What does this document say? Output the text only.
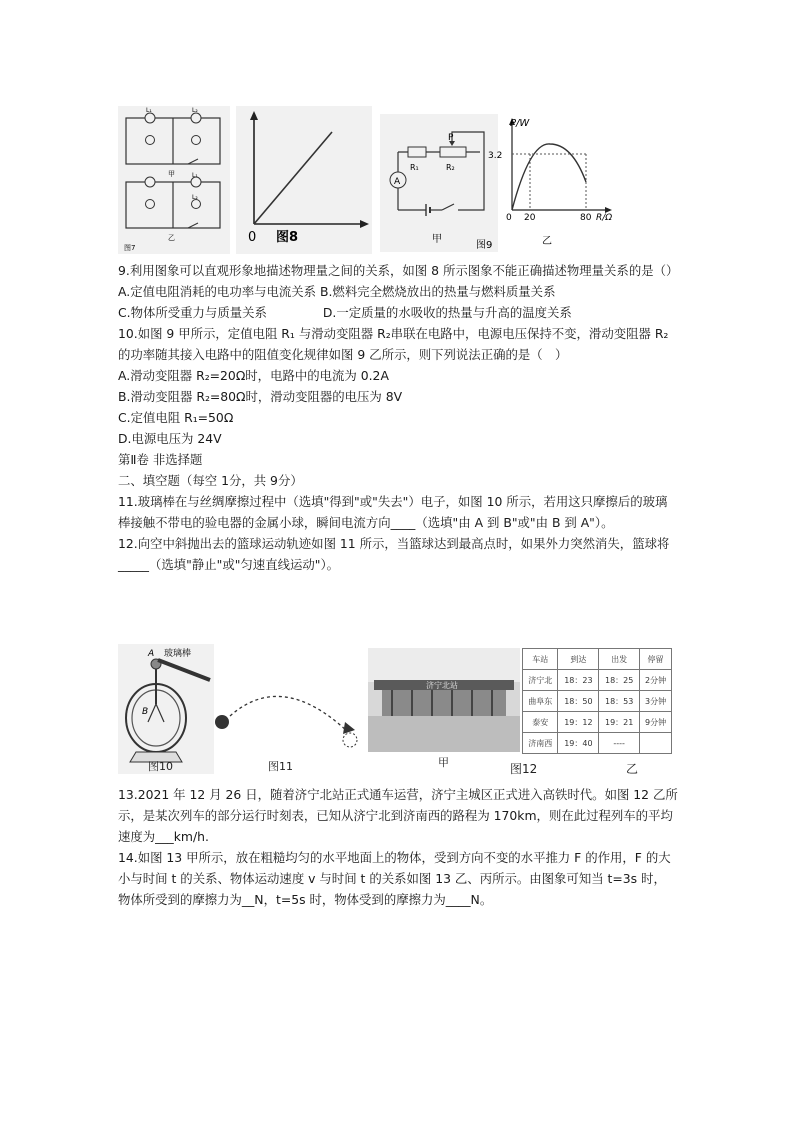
L₁	L₂
甲	L₁
L₂
乙
图7
0 图8
A
P
R₁	R₂
甲
图9
P/W
3.2
0 20	80 R/Ω
乙

9.利用图象可以直观形象地描述物理量之间的关系，如图 8 所示图象不能正确描述物理量关系的是（）

A.定值电阻消耗的电功率与电流关系 B.燃料完全燃烧放出的热量与燃料质量关系

C.物体所受重力与质量关系	D.一定质量的水吸收的热量与升高的温度关系

10.如图 9 甲所示，定值电阻 R₁ 与滑动变阻器 R₂串联在电路中，电源电压保持不变，滑动变阻器 R₂ 的功率随其接入电路中的阻值变化规律如图 9 乙所示，则下列说法正确的是（　）

A.滑动变阻器 R₂=20Ω时，电路中的电流为 0.2A

B.滑动变阻器 R₂=80Ω时，滑动变阻器的电压为 8V

C.定值电阻 R₁=50Ω

D.电源电压为 24V

第Ⅱ卷 非选择题

二、填空题（每空 1分，共 9分）

11.玻璃棒在与丝绸摩擦过程中（选填"得到"或"失去"）电子，如图 10 所示，若用这只摩擦后的玻璃棒接触不带电的验电器的金属小球，瞬间电流方向____（选填"由 A 到 B"或"由 B 到 A"）。

12.向空中斜抛出去的篮球运动轨迹如图 11 所示，当篮球达到最高点时，如果外力突然消失，篮球将_____（选填"静止"或"匀速直线运动"）。

A 玻璃棒
B
图10	图11
济宁北站
甲	图12
车站	到达	出发	停留
济宁北	18：23	18：25	2分钟
曲阜东	18：50	18：53	3分钟
泰安	19：12	19：21	9分钟
济南西	19：40	----	
乙

13.2021 年 12 月 26 日，随着济宁北站正式通车运营，济宁主城区正式进入高铁时代。如图 12 乙所示，是某次列车的部分运行时刻表，已知从济宁北到济南西的路程为 170km，则在此过程列车的平均速度为___km/h.

14.如图 13 甲所示，放在粗糙均匀的水平地面上的物体，受到方向不变的水平推力 F 的作用，F 的大小与时间 t 的关系、物体运动速度 v 与时间 t 的关系如图 13 乙、丙所示。由图象可知当 t=3s 时，物体所受到的摩擦力为__N，t=5s 时，物体受到的摩擦力为____N。
